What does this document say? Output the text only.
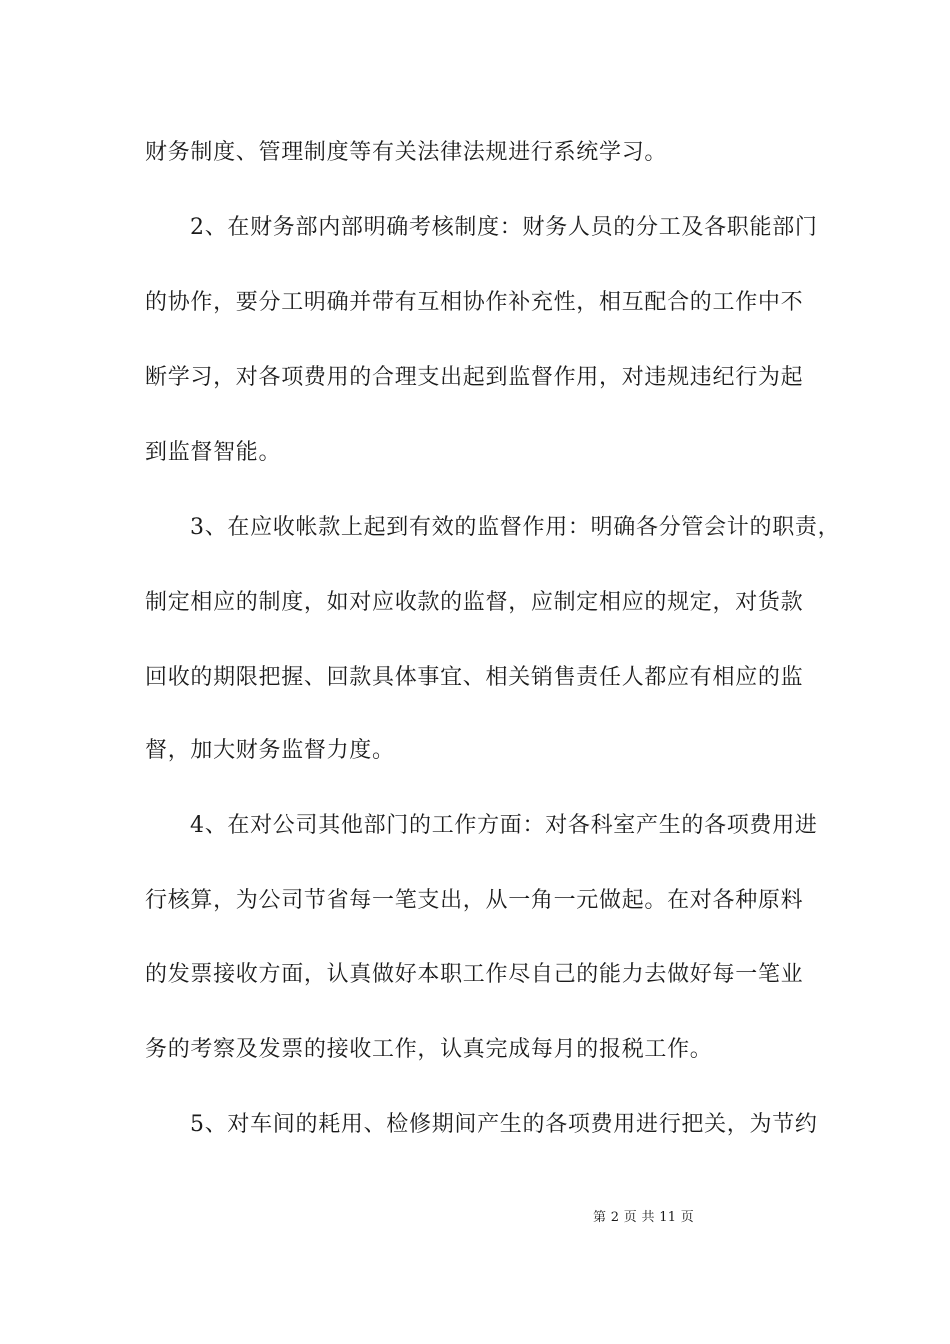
财务制度、管理制度等有关法律法规进行系统学习。
2、在财务部内部明确考核制度：财务人员的分工及各职能部门
的协作，要分工明确并带有互相协作补充性，相互配合的工作中不
断学习，对各项费用的合理支出起到监督作用，对违规违纪行为起
到监督智能。
3、在应收帐款上起到有效的监督作用：明确各分管会计的职责，
制定相应的制度，如对应收款的监督，应制定相应的规定，对货款
回收的期限把握、回款具体事宜、相关销售责任人都应有相应的监
督，加大财务监督力度。
4、在对公司其他部门的工作方面：对各科室产生的各项费用进
行核算，为公司节省每一笔支出，从一角一元做起。在对各种原料
的发票接收方面，认真做好本职工作尽自己的能力去做好每一笔业
务的考察及发票的接收工作，认真完成每月的报税工作。
5、对车间的耗用、检修期间产生的各项费用进行把关，为节约
第 2 页 共 11 页
